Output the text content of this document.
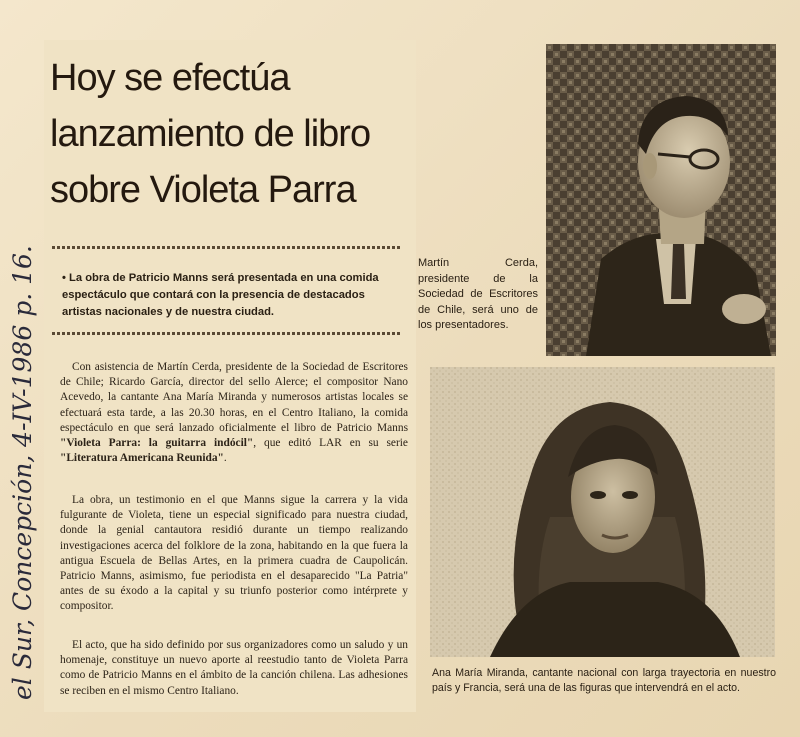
Hoy se efectúa
lanzamiento de libro
sobre Violeta Parra
• La obra de Patricio Manns será presentada en una comida espectáculo que contará con la presencia de destacados artistas nacionales y de nuestra ciudad.

Con asistencia de Martín Cerda, presidente de la Sociedad de Escritores de Chile; Ricardo García, director del sello Alerce; el compositor Nano Acevedo, la cantante Ana María Miranda y numerosos artistas locales se efectuará esta tarde, a las 20.30 horas, en el Centro Italiano, la comida espectáculo en que será lanzado oficialmente el libro de Patricio Manns "Violeta Parra: la guitarra indócil", que editó LAR en su serie "Literatura Americana Reunida".

La obra, un testimonio en el que Manns sigue la carrera y la vida fulgurante de Violeta, tiene un especial significado para nuestra ciudad, donde la genial cantautora residió durante un tiempo realizando investigaciones acerca del folklore de la zona, habitando en la que fuera la antigua Escuela de Bellas Artes, en la primera cuadra de Caupolicán. Patricio Manns, asimismo, fue periodista en el desaparecido "La Patria" antes de su éxodo a la capital y su triunfo posterior como intérprete y compositor.

El acto, que ha sido definido por sus organizadores como un saludo y un homenaje, constituye un nuevo aporte al reestudio tanto de Violeta Parra como de Patricio Manns en el ámbito de la canción chilena. Las adhesiones se reciben en el mismo Centro Italiano.

el Sur, Concepción, 4-IV-1986 p. 16.	Martín Cerda, presidente de la Sociedad de Escritores de Chile, será uno de los presentadores.
Ana María Miranda, cantante nacional con larga trayectoria en nuestro país y Francia, será una de las figuras que intervendrá en el acto.
